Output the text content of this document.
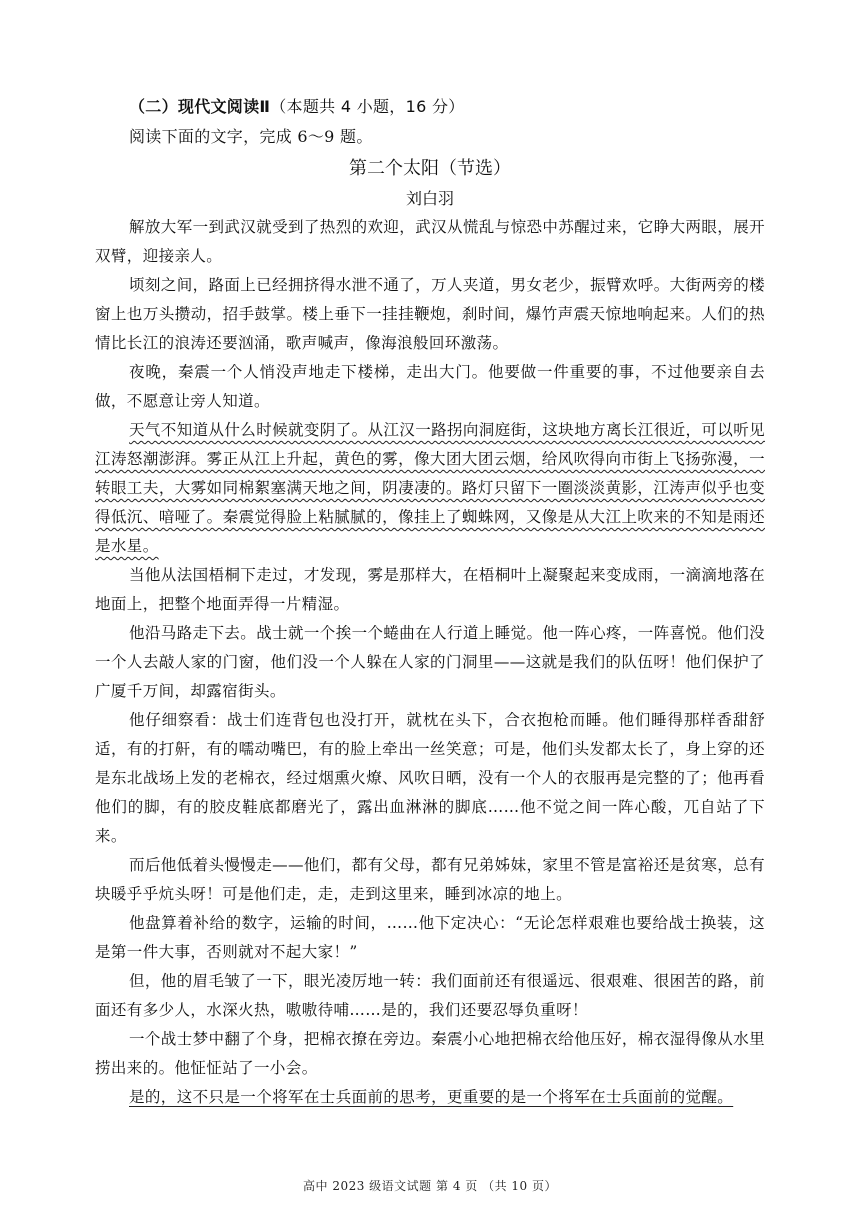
（二）现代文阅读Ⅱ（本题共 4 小题，16 分）
阅读下面的文字，完成 6～9 题。
第二个太阳（节选）
刘白羽

解放大军一到武汉就受到了热烈的欢迎，武汉从慌乱与惊恐中苏醒过来，它睁大两眼，展开双臂，迎接亲人。

顷刻之间，路面上已经拥挤得水泄不通了，万人夹道，男女老少，振臂欢呼。大街两旁的楼窗上也万头攒动，招手鼓掌。楼上垂下一挂挂鞭炮，刹时间，爆竹声震天惊地响起来。人们的热情比长江的浪涛还要汹涌，歌声喊声，像海浪般回环激荡。

夜晚，秦震一个人悄没声地走下楼梯，走出大门。他要做一件重要的事，不过他要亲自去做，不愿意让旁人知道。

天气不知道从什么时候就变阴了。从江汉一路拐向洞庭街，这块地方离长江很近，可以听见江涛怒潮澎湃。雾正从江上升起，黄色的雾，像大团大团云烟，给风吹得向市街上飞扬弥漫，一转眼工夫，大雾如同棉絮塞满天地之间，阴凄凄的。路灯只留下一圈淡淡黄影，江涛声似乎也变得低沉、喑哑了。秦震觉得脸上粘腻腻的，像挂上了蜘蛛网，又像是从大江上吹来的不知是雨还是水星。

当他从法国梧桐下走过，才发现，雾是那样大，在梧桐叶上凝聚起来变成雨，一滴滴地落在地面上，把整个地面弄得一片精湿。

他沿马路走下去。战士就一个挨一个蜷曲在人行道上睡觉。他一阵心疼，一阵喜悦。他们没一个人去敲人家的门窗，他们没一个人躲在人家的门洞里——这就是我们的队伍呀！他们保护了广厦千万间，却露宿街头。

他仔细察看：战士们连背包也没打开，就枕在头下，合衣抱枪而睡。他们睡得那样香甜舒适，有的打鼾，有的嚅动嘴巴，有的脸上牵出一丝笑意；可是，他们头发都太长了，身上穿的还是东北战场上发的老棉衣，经过烟熏火燎、风吹日晒，没有一个人的衣服再是完整的了；他再看他们的脚，有的胶皮鞋底都磨光了，露出血淋淋的脚底……他不觉之间一阵心酸，兀自站了下来。

而后他低着头慢慢走——他们，都有父母，都有兄弟姊妹，家里不管是富裕还是贫寒，总有块暖乎乎炕头呀！可是他们走，走，走到这里来，睡到冰凉的地上。

他盘算着补给的数字，运输的时间，……他下定决心：“无论怎样艰难也要给战士换装，这是第一件大事，否则就对不起大家！”

但，他的眉毛皱了一下，眼光凌厉地一转：我们面前还有很遥远、很艰难、很困苦的路，前面还有多少人，水深火热，嗷嗷待哺……是的，我们还要忍辱负重呀！

一个战士梦中翻了个身，把棉衣撩在旁边。秦震小心地把棉衣给他压好，棉衣湿得像从水里捞出来的。他怔怔站了一小会。

是的，这不只是一个将军在士兵面前的思考，更重要的是一个将军在士兵面前的觉醒。

高中 2023 级语文试题 第 4 页 （共 10 页）
